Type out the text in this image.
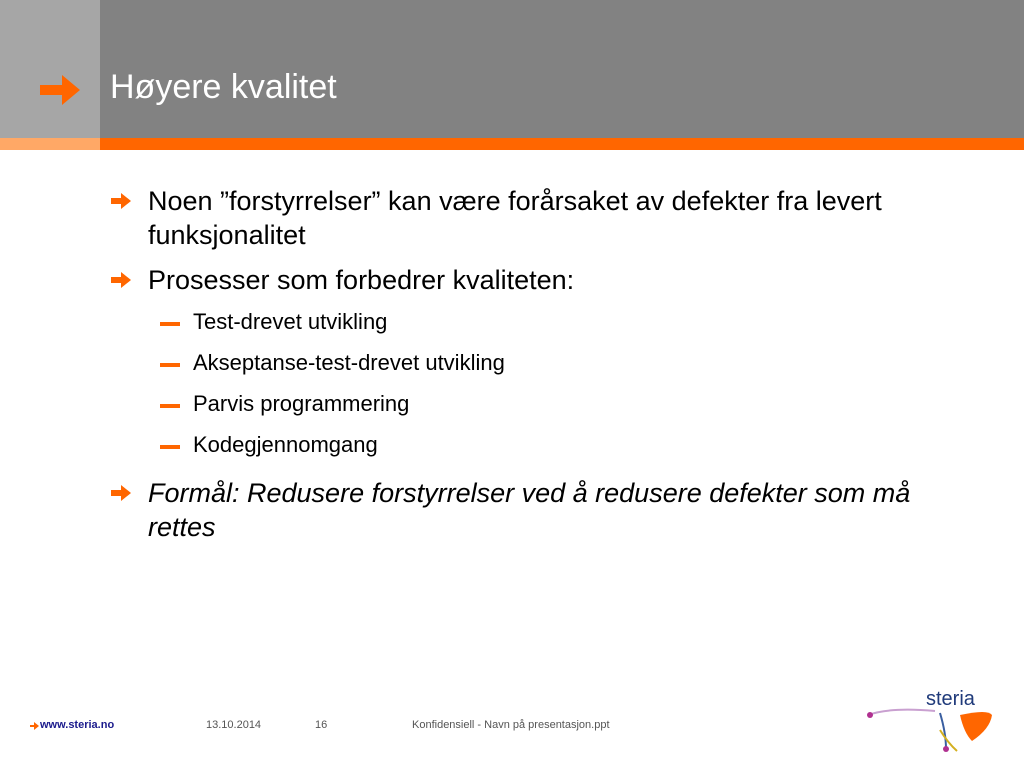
Høyere kvalitet
Noen ”forstyrrelser” kan være forårsaket av defekter fra levert funksjonalitet
Prosesser som forbedrer kvaliteten:
Test-drevet utvikling
Akseptanse-test-drevet utvikling
Parvis programmering
Kodegjennomgang
Formål: Redusere forstyrrelser ved å redusere defekter som må rettes
www.steria.no	13.10.2014	16	Konfidensiell - Navn på presentasjon.ppt
steria
